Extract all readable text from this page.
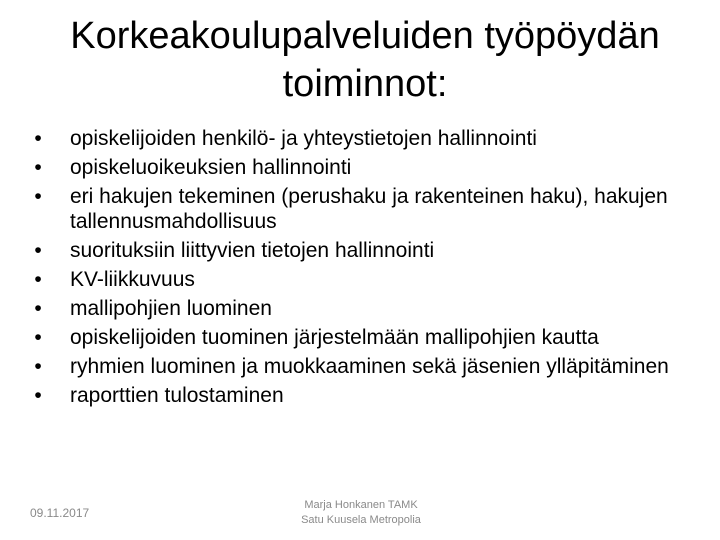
Korkeakoulupalveluiden työpöydän
toiminnot:
•	opiskelijoiden henkilö- ja yhteystietojen hallinnointi
•	opiskeluoikeuksien hallinnointi
•	eri hakujen tekeminen (perushaku ja rakenteinen haku), hakujen tallennusmahdollisuus
•	suorituksiin liittyvien tietojen hallinnointi
•	KV-liikkuvuus
•	mallipohjien luominen
•	opiskelijoiden tuominen järjestelmään mallipohjien kautta
•	ryhmien luominen ja muokkaaminen sekä jäsenien ylläpitäminen
•	raporttien tulostaminen
09.11.2017
Marja Honkanen TAMK
Satu Kuusela Metropolia
